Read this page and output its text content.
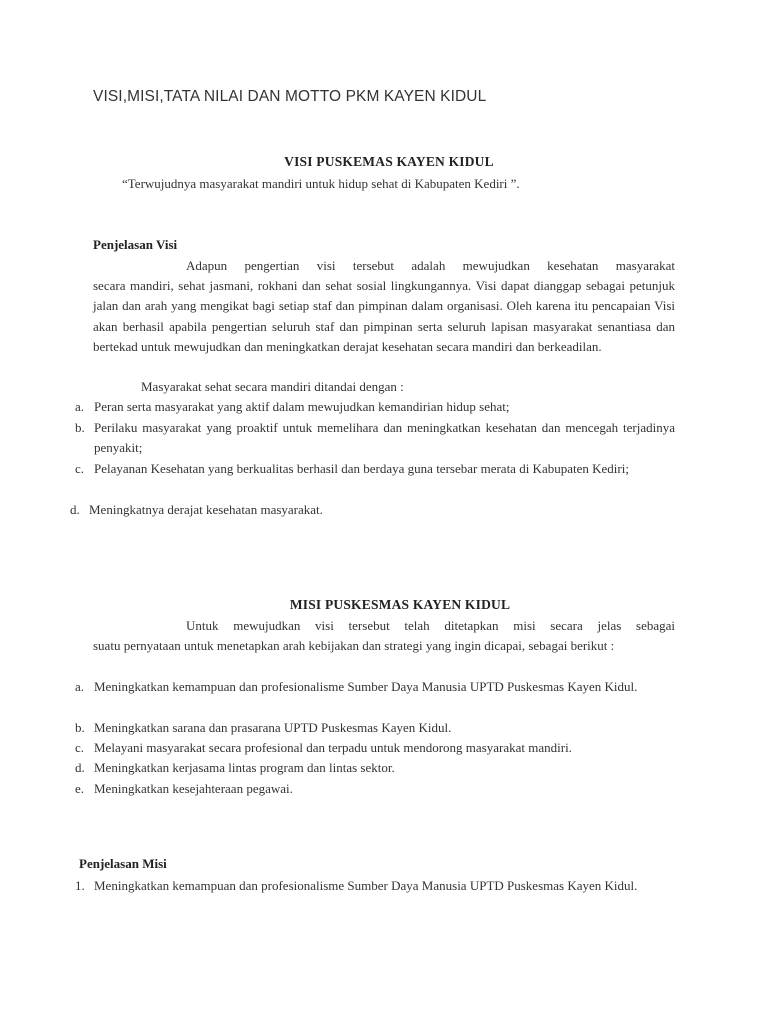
VISI,MISI,TATA NILAI DAN MOTTO PKM KAYEN KIDUL
VISI PUSKEMAS KAYEN KIDUL
“Terwujudnya masyarakat mandiri untuk hidup sehat di Kabupaten Kediri ”.
Penjelasan Visi
Adapun pengertian visi tersebut adalah mewujudkan kesehatan masyarakat
secara mandiri, sehat jasmani, rokhani dan sehat sosial lingkungannya. Visi dapat dianggap sebagai petunjuk jalan dan arah yang mengikat bagi setiap staf dan pimpinan dalam organisasi. Oleh karena itu pencapaian Visi akan berhasil apabila pengertian seluruh staf dan pimpinan serta seluruh lapisan masyarakat senantiasa dan bertekad untuk mewujudkan dan meningkatkan derajat kesehatan secara mandiri dan berkeadilan.
Masyarakat sehat secara mandiri ditandai dengan :
a. Peran serta masyarakat yang aktif dalam mewujudkan kemandirian hidup sehat;
b. Perilaku masyarakat yang proaktif untuk memelihara dan meningkatkan kesehatan dan mencegah terjadinya penyakit;
c. Pelayanan Kesehatan yang berkualitas berhasil dan berdaya guna tersebar merata di Kabupaten Kediri;
d. Meningkatnya derajat kesehatan masyarakat.
MISI PUSKESMAS KAYEN KIDUL
Untuk mewujudkan visi tersebut telah ditetapkan misi secara jelas sebagai
suatu pernyataan untuk menetapkan arah kebijakan dan strategi yang ingin dicapai, sebagai berikut :
a. Meningkatkan kemampuan dan profesionalisme Sumber Daya Manusia UPTD Puskesmas Kayen Kidul.
b. Meningkatkan sarana dan prasarana UPTD Puskesmas Kayen Kidul.
c. Melayani masyarakat secara profesional dan terpadu untuk mendorong masyarakat mandiri.
d. Meningkatkan kerjasama lintas program dan lintas sektor.
e. Meningkatkan kesejahteraan pegawai.
Penjelasan Misi
1. Meningkatkan kemampuan dan profesionalisme Sumber Daya Manusia UPTD Puskesmas Kayen Kidul.
